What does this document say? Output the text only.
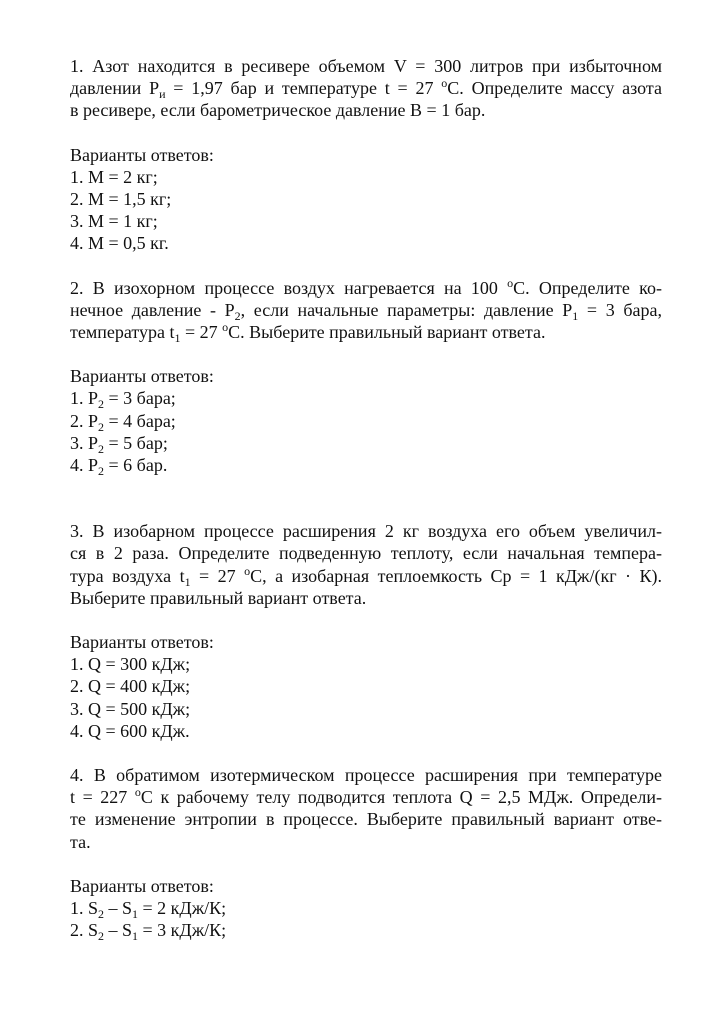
1. Азот находится в ресивере объемом V = 300 литров при избыточном
давлении $P_и = 1,97$ бар и температуре t = 27 $^o$С. Определите массу азота
в ресивере, если барометрическое давление В = 1 бар.
Варианты ответов:
1. М = 2 кг;
2. М = 1,5 кг;
3. М = 1 кг;
4. М = 0,5 кг.
2. В изохорном процессе воздух нагревается на 100 $^o$С. Определите ко-
нечное давление - $P_2$, если начальные параметры: давление $P_1 = 3$ бара,
температура $t_1 = 27$ $^o$С. Выберите правильный вариант ответа.
Варианты ответов:
1. $P_2 = 3$ бара;
2. $P_2 = 4$ бара;
3. $P_2 = 5$ бар;
4. $P_2 = 6$ бар.
3. В изобарном процессе расширения 2 кг воздуха его объем увеличил-
ся в 2 раза. Определите подведенную теплоту, если начальная темпера-
тура воздуха $t_1 = 27$ $^o$С, а изобарная теплоемкость Ср = 1 кДж/(кг · К).
Выберите правильный вариант ответа.
Варианты ответов:
1. Q = 300 кДж;
2. Q = 400 кДж;
3. Q = 500 кДж;
4. Q = 600 кДж.
4. В обратимом изотермическом процессе расширения при температуре
t = 227 $^o$С к рабочему телу подводится теплота Q = 2,5 МДж. Определи-
те изменение энтропии в процессе. Выберите правильный вариант отве-
та.
Варианты ответов:
1. $S_2 - S_1 = 2$ кДж/К;
2. $S_2 - S_1 = 3$ кДж/К;
